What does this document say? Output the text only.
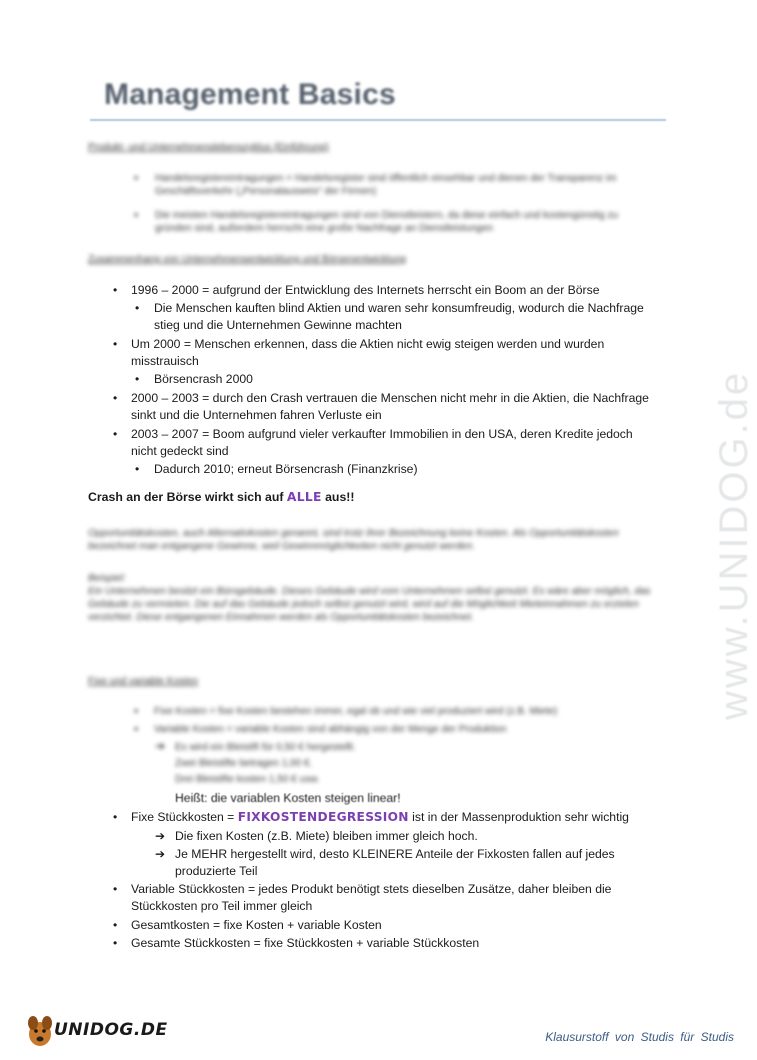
Management Basics
www.UNIDOG.de
Produkt- und Unternehmenslebenszyklus (Einführung)
• Handelsregistereintragungen = Handelsregister sind öffentlich einsehbar und dienen der Transparenz im Geschäftsverkehr („Personalausweis“ der Firmen)
• Die meisten Handelsregistereintragungen sind von Dienstleistern, da diese einfach und kostengünstig zu gründen sind, außerdem herrscht eine große Nachfrage an Dienstleistungen
Zusammenhang von Unternehmensentwicklung und Börsenentwicklung
• 1996 – 2000 = aufgrund der Entwicklung des Internets herrscht ein Boom an der Börse
• Die Menschen kauften blind Aktien und waren sehr konsumfreudig, wodurch die Nachfrage
stieg und die Unternehmen Gewinne machten
• Um 2000 = Menschen erkennen, dass die Aktien nicht ewig steigen werden und wurden
misstrauisch
• Börsencrash 2000
• 2000 – 2003 = durch den Crash vertrauen die Menschen nicht mehr in die Aktien, die Nachfrage
sinkt und die Unternehmen fahren Verluste ein
• 2003 – 2007 = Boom aufgrund vieler verkaufter Immobilien in den USA, deren Kredite jedoch
nicht gedeckt sind
• Dadurch 2010; erneut Börsencrash (Finanzkrise)
Crash an der Börse wirkt sich auf ALLE aus!!
Opportunitätskosten, auch Alternativkosten genannt, sind trotz ihrer Bezeichnung keine Kosten. Als Opportunitätskosten bezeichnet man entgangene Gewinne, weil Gewinnmöglichkeiten nicht genutzt werden.
Beispiel:
Ein Unternehmen besitzt ein Bürogebäude. Dieses Gebäude wird vom Unternehmen selbst genutzt. Es wäre aber möglich, das Gebäude zu vermieten. Die auf das Gebäude jedoch selbst genutzt wird, wird auf die Möglichkeit Mieteinnahmen zu erzielen verzichtet. Diese entgangenen Einnahmen werden als Opportunitätskosten bezeichnet.
Fixe und variable Kosten
• Fixe Kosten = fixe Kosten bestehen immer, egal ob und wie viel produziert wird (z.B. Miete)
• Variable Kosten = variable Kosten sind abhängig von der Menge der Produktion
➔ Es wird ein Bleistift für 0,50 € hergestellt.
Zwei Bleistifte betragen 1,00 €.
Drei Bleistifte kosten 1,50 € usw.
Heißt: die variablen Kosten steigen linear!
• Fixe Stückkosten = FIXKOSTENDEGRESSION ist in der Massenproduktion sehr wichtig
➔ Die fixen Kosten (z.B. Miete) bleiben immer gleich hoch.
➔ Je MEHR hergestellt wird, desto KLEINERE Anteile der Fixkosten fallen auf jedes
produzierte Teil
• Variable Stückkosten = jedes Produkt benötigt stets dieselben Zusätze, daher bleiben die
Stückkosten pro Teil immer gleich
• Gesamtkosten = fixe Kosten + variable Kosten
• Gesamte Stückkosten = fixe Stückkosten + variable Stückkosten
UNIDOG.DE	Klausurstoff von Studis für Studis
